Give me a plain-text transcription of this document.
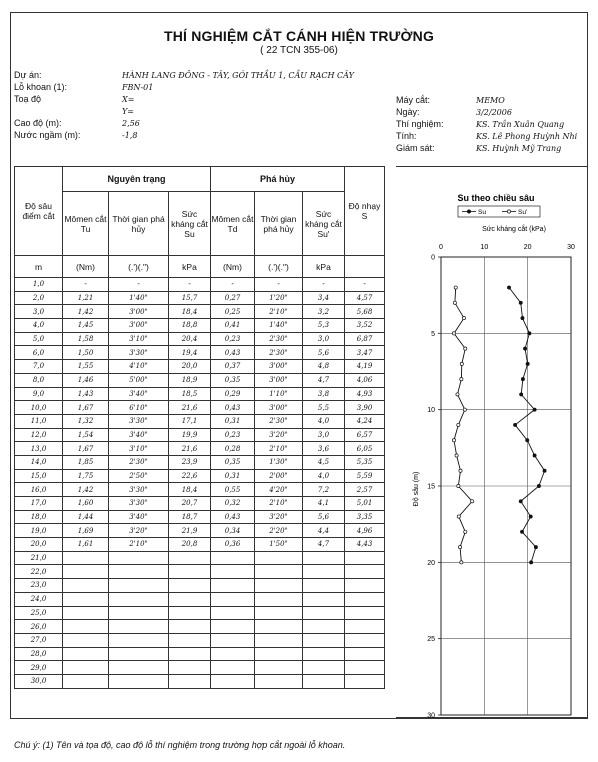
THÍ NGHIỆM CẮT CÁNH HIỆN TRƯỜNG
( 22 TCN 355-06)
Dự án:	HÀNH LANG ĐÔNG - TÂY, GÓI THẦU 1, CẦU RẠCH CÂY
Lỗ khoan (1):	FBN-01
Toạ độ	X=
Y=
Cao độ (m):	2,56
Nước ngầm (m):	-1,8
Máy cắt:	MEMO
Ngày:	3/2/2006
Thí nghiệm:	KS. Trần Xuân Quang
Tính:	KS. Lê Phong Huỳnh Nhi
Giám sát:	KS. Huỳnh Mỹ Trang
Độ sâu điểm cắt	Nguyên trạng			Phá hủy			Độ nhạy S
	Mômen cắt Tu	Thời gian phá hủy	Sức kháng cắt Su	Mômen cắt Td	Thời gian phá hủy	Sức kháng cắt Su'	
m	(Nm)	(.')(.")	kPa	(Nm)	(.')(.")	kPa	
1,0	-	-	-	-	-	-	-
2,0	1,21	1'40"	15,7	0,27	1'20"	3,4	4,57
3,0	1,42	3'00"	18,4	0,25	2'10"	3,2	5,68
4,0	1,45	3'00"	18,8	0,41	1'40"	5,3	3,52
5,0	1,58	3'10"	20,4	0,23	2'30"	3,0	6,87
6,0	1,50	3'30"	19,4	0,43	2'30"	5,6	3,47
7,0	1,55	4'10"	20,0	0,37	3'00"	4,8	4,19
8,0	1,46	5'00"	18,9	0,35	3'00"	4,7	4,06
9,0	1,43	3'40"	18,5	0,29	1'10"	3,8	4,93
10,0	1,67	6'10"	21,6	0,43	3'00"	5,5	3,90
11,0	1,32	3'30"	17,1	0,31	2'30"	4,0	4,24
12,0	1,54	3'40"	19,9	0,23	3'20"	3,0	6,57
13,0	1,67	3'10"	21,6	0,28	2'10"	3,6	6,05
14,0	1,85	2'30"	23,9	0,35	1'30"	4,5	5,35
15,0	1,75	2'50"	22,6	0,31	2'00"	4,0	5,59
16,0	1,42	3'30"	18,4	0,55	4'20"	7,2	2,57
17,0	1,60	3'30"	20,7	0,32	2'10"	4,1	5,01
18,0	1,44	3'40"	18,7	0,43	3'20"	5,6	3,35
19,0	1,69	3'20"	21,9	0,34	2'20"	4,4	4,96
20,0	1,61	2'10"	20,8	0,36	1'50"	4,7	4,43
21,0							
22,0							
23,0							
24,0							
25,0							
26,0							
27,0							
28,0							
29,0							
30,0							
Su theo chiều sâu
Su	Su'
Sức kháng cắt (kPa)
0	10	20	30
0
5
10
15
20
25
30
Độ sâu (m)
Chú ý: (1) Tên và tọa độ, cao độ lỗ thí nghiệm trong trường hợp cắt ngoài lỗ khoan.
